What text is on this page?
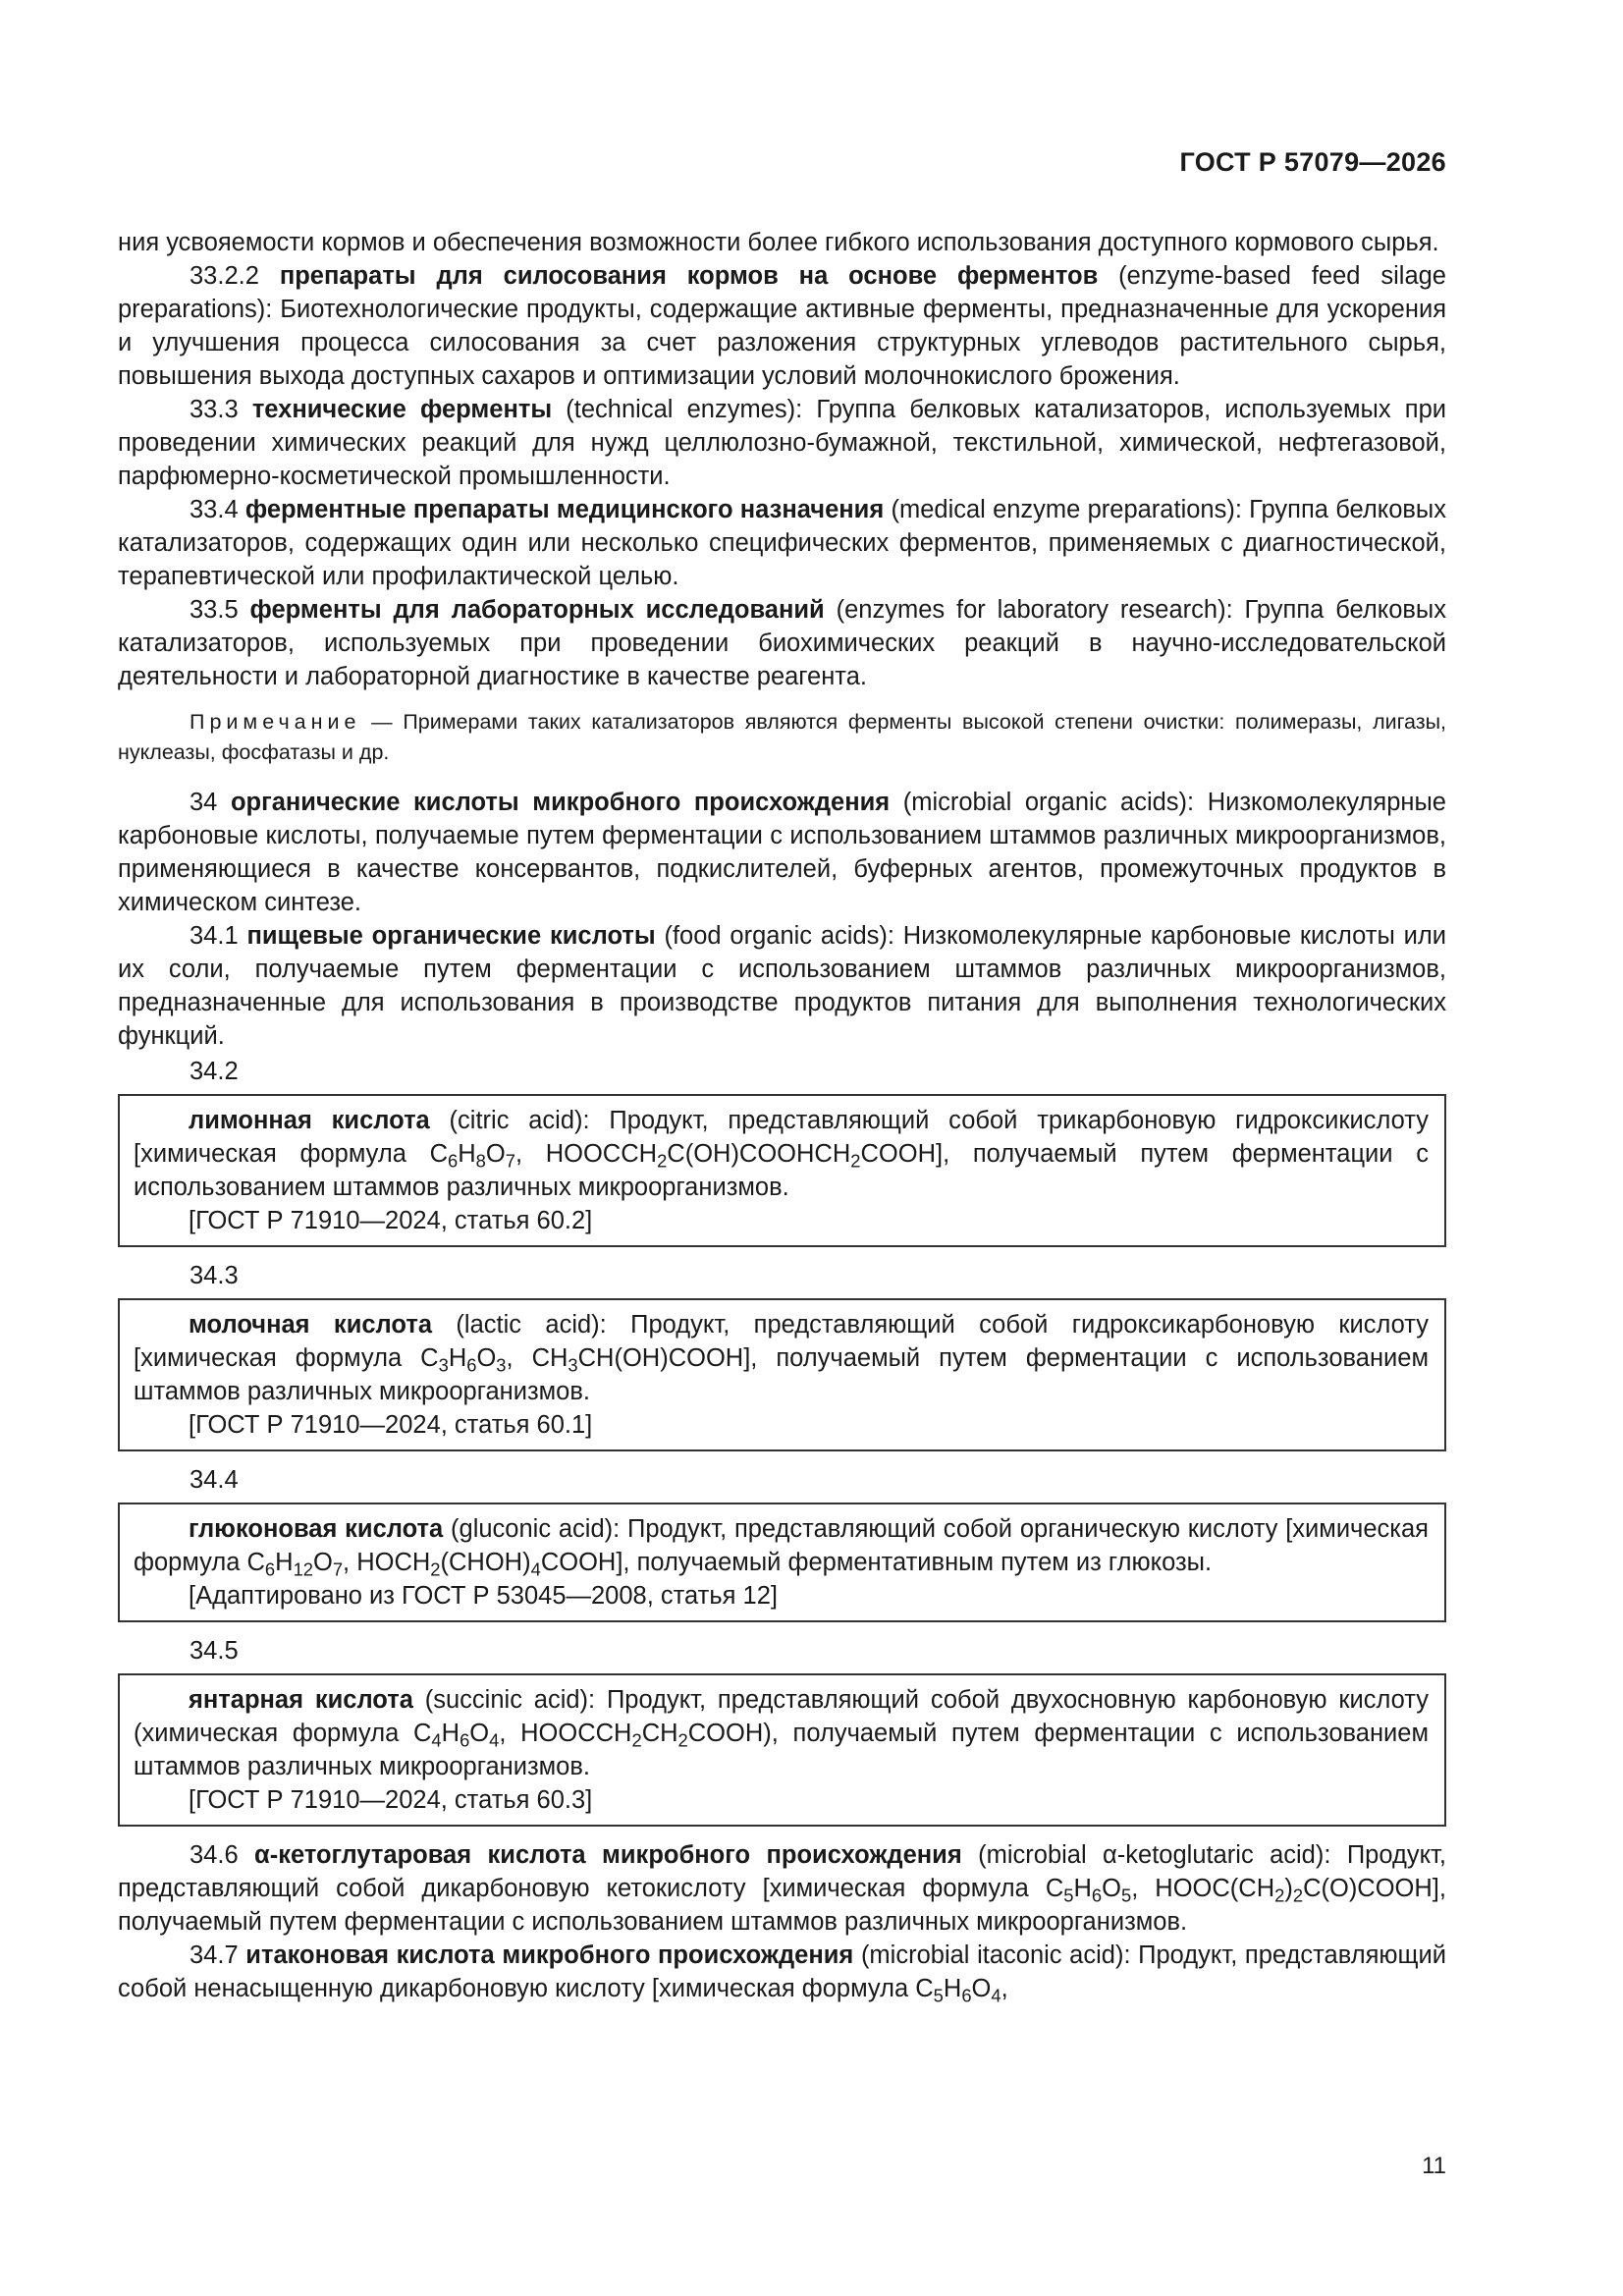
ГОСТ Р 57079—2026

ния усвояемости кормов и обеспечения возможности более гибкого использования доступного кормового сырья.

33.2.2 препараты для силосования кормов на основе ферментов (enzyme-based feed silage preparations): Биотехнологические продукты, содержащие активные ферменты, предназначенные для ускорения и улучшения процесса силосования за счет разложения структурных углеводов растительного сырья, повышения выхода доступных сахаров и оптимизации условий молочнокислого брожения.

33.3 технические ферменты (technical enzymes): Группа белковых катализаторов, используемых при проведении химических реакций для нужд целлюлозно-бумажной, текстильной, химической, нефтегазовой, парфюмерно-косметической промышленности.

33.4 ферментные препараты медицинского назначения (medical enzyme preparations): Группа белковых катализаторов, содержащих один или несколько специфических ферментов, применяемых с диагностической, терапевтической или профилактической целью.

33.5 ферменты для лабораторных исследований (enzymes for laboratory research): Группа белковых катализаторов, используемых при проведении биохимических реакций в научно-исследовательской деятельности и лабораторной диагностике в качестве реагента.

Примечание — Примерами таких катализаторов являются ферменты высокой степени очистки: полимеразы, лигазы, нуклеазы, фосфатазы и др.

34 органические кислоты микробного происхождения (microbial organic acids): Низкомолекулярные карбоновые кислоты, получаемые путем ферментации с использованием штаммов различных микроорганизмов, применяющиеся в качестве консервантов, подкислителей, буферных агентов, промежуточных продуктов в химическом синтезе.

34.1 пищевые органические кислоты (food organic acids): Низкомолекулярные карбоновые кислоты или их соли, получаемые путем ферментации с использованием штаммов различных микроорганизмов, предназначенные для использования в производстве продуктов питания для выполнения технологических функций.

34.2

лимонная кислота (citric acid): Продукт, представляющий собой трикарбоновую гидроксикислоту [химическая формула $C_6H_8O_7$, $HOOCCH_2C(OH)COOHCH_2COOH$], получаемый путем ферментации с использованием штаммов различных микроорганизмов.

[ГОСТ Р 71910—2024, статья 60.2]

34.3

молочная кислота (lactic acid): Продукт, представляющий собой гидроксикарбоновую кислоту [химическая формула $C_3H_6O_3$, $CH_3CH(OH)COOH$], получаемый путем ферментации с использованием штаммов различных микроорганизмов.

[ГОСТ Р 71910—2024, статья 60.1]

34.4

глюконовая кислота (gluconic acid): Продукт, представляющий собой органическую кислоту [химическая формула $C_6H_{12}O_7$, $HOCH_2(CHOH)_4COOH$], получаемый ферментативным путем из глюкозы.

[Адаптировано из ГОСТ Р 53045—2008, статья 12]

34.5

янтарная кислота (succinic acid): Продукт, представляющий собой двухосновную карбоновую кислоту (химическая формула $C_4H_6O_4$, $HOOCCH_2CH_2COOH$), получаемый путем ферментации с использованием штаммов различных микроорганизмов.

[ГОСТ Р 71910—2024, статья 60.3]

34.6 α-кетоглутаровая кислота микробного происхождения (microbial α-ketoglutaric acid): Продукт, представляющий собой дикарбоновую кетокислоту [химическая формула $C_5H_6O_5$, $HOOC(CH_2)_2C(O)COOH$], получаемый путем ферментации с использованием штаммов различных микроорганизмов.

34.7 итаконовая кислота микробного происхождения (microbial itaconic acid): Продукт, представляющий собой ненасыщенную дикарбоновую кислоту [химическая формула $C_5H_6O_4$,

11
